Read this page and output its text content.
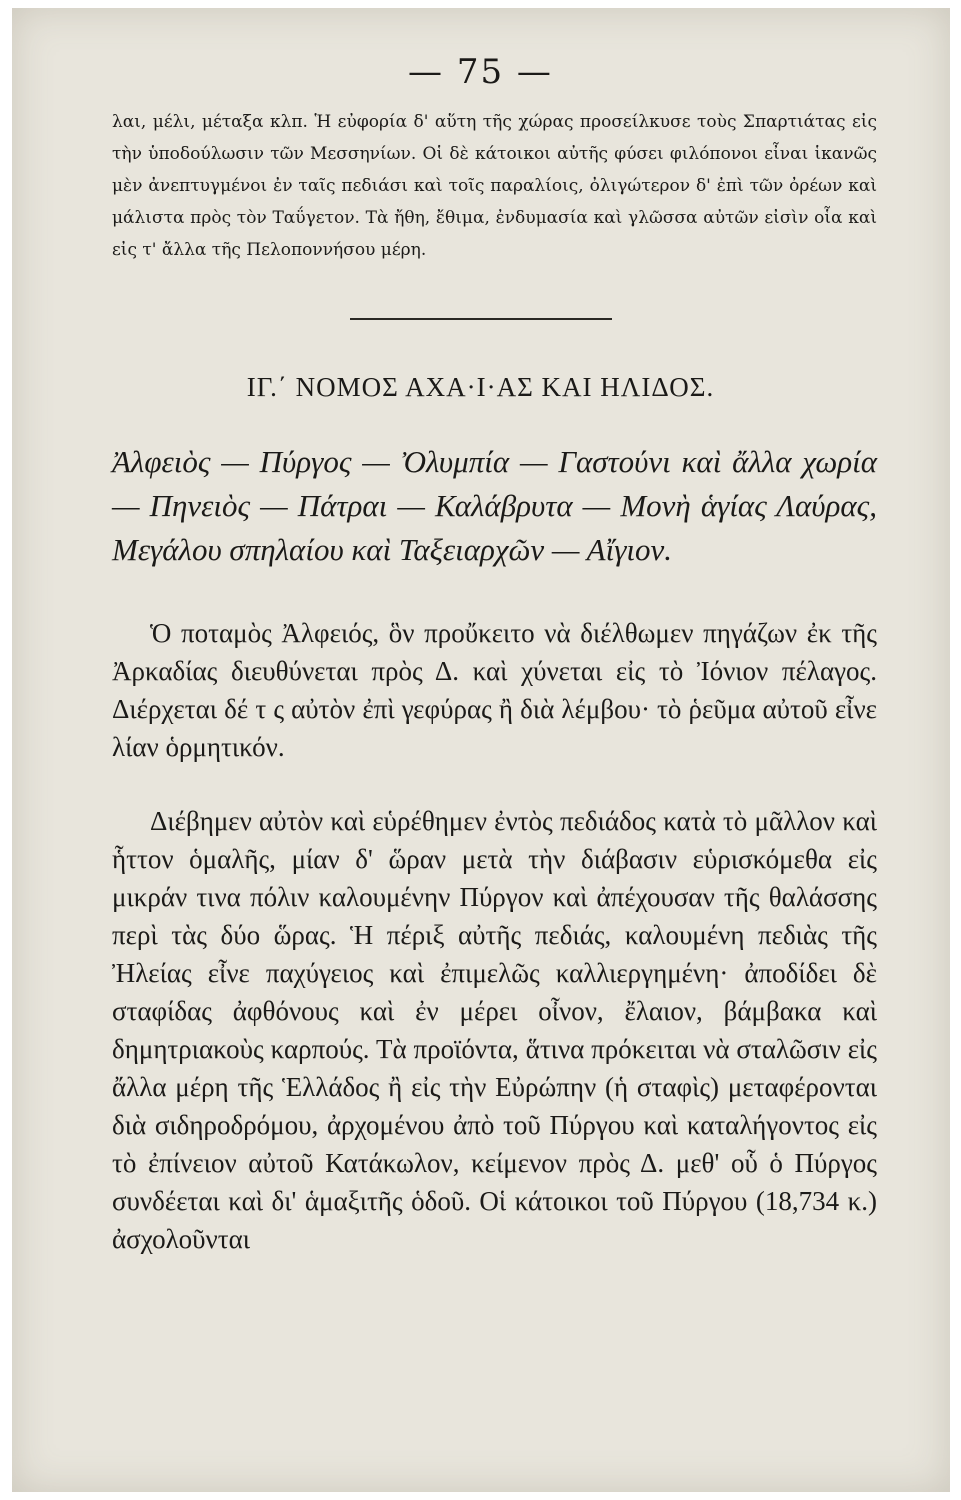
— 75 —

λαι, μέλι, μέταξα κλπ. Ἡ εὐφορία δ' αὕτη τῆς χώρας προσείλκυσε τοὺς Σπαρτιάτας εἰς τὴν ὑποδούλωσιν τῶν Μεσσηνίων. Οἱ δὲ κάτοικοι αὐτῆς φύσει φιλόπονοι εἶναι ἱκανῶς μὲν ἀνεπτυγμένοι ἐν ταῖς πεδιάσι καὶ τοῖς παραλίοις, ὀλιγώτερον δ' ἐπὶ τῶν ὀρέων καὶ μάλιστα πρὸς τὸν Ταΰγετον. Τὰ ἤθη, ἔθιμα, ἐνδυμασία καὶ γλῶσσα αὐτῶν εἰσὶν οἷα καὶ εἰς τ' ἄλλα τῆς Πελοποννήσου μέρη.

ΙΓ.΄ ΝΟΜΟΣ ΑΧΑ·Ι·ΑΣ ΚΑΙ ΗΛΙΔΟΣ.

Ἀλφειὸς — Πύργος — Ὀλυμπία — Γαστούνι καὶ ἄλλα χωρία — Πηνειὸς — Πάτραι — Καλάβρυτα — Μονὴ ἁγίας Λαύρας, Μεγάλου σπηλαίου καὶ Ταξειαρχῶν — Αἴγιον.

Ὁ ποταμὸς Ἀλφειός, ὃν προὔκειτο νὰ διέλθωμεν πηγάζων ἐκ τῆς Ἀρκαδίας διευθύνεται πρὸς Δ. καὶ χύνεται εἰς τὸ Ἰόνιον πέλαγος. Διέρχεται δέ τ ς αὐτὸν ἐπὶ γεφύρας ἢ διὰ λέμβου· τὸ ῥεῦμα αὐτοῦ εἶνε λίαν ὁρμητικόν.

Διέβημεν αὐτὸν καὶ εὑρέθημεν ἐντὸς πεδιάδος κατὰ τὸ μᾶλλον καὶ ἧττον ὁμαλῆς, μίαν δ' ὥραν μετὰ τὴν διάβασιν εὑρισκόμεθα εἰς μικράν τινα πόλιν καλουμένην Πύργον καὶ ἀπέχουσαν τῆς θαλάσσης περὶ τὰς δύο ὥρας. Ἡ πέριξ αὐτῆς πεδιάς, καλουμένη πεδιὰς τῆς Ἠλείας εἶνε παχύγειος καὶ ἐπιμελῶς καλλιεργημένη· ἀποδίδει δὲ σταφίδας ἀφθόνους καὶ ἐν μέρει οἶνον, ἔλαιον, βάμβακα καὶ δημητριακοὺς καρπούς. Τὰ προϊόντα, ἅτινα πρόκειται νὰ σταλῶσιν εἰς ἄλλα μέρη τῆς Ἑλλάδος ἢ εἰς τὴν Εὐρώπην (ἡ σταφὶς) μεταφέρονται διὰ σιδηροδρόμου, ἀρχομένου ἀπὸ τοῦ Πύργου καὶ καταλήγοντος εἰς τὸ ἐπίνειον αὐτοῦ Κατάκωλον, κείμενον πρὸς Δ. μεθ' οὗ ὁ Πύργος συνδέεται καὶ δι' ἁμαξιτῆς ὁδοῦ. Οἱ κάτοικοι τοῦ Πύργου (18,734 κ.) ἀσχολοῦνται
